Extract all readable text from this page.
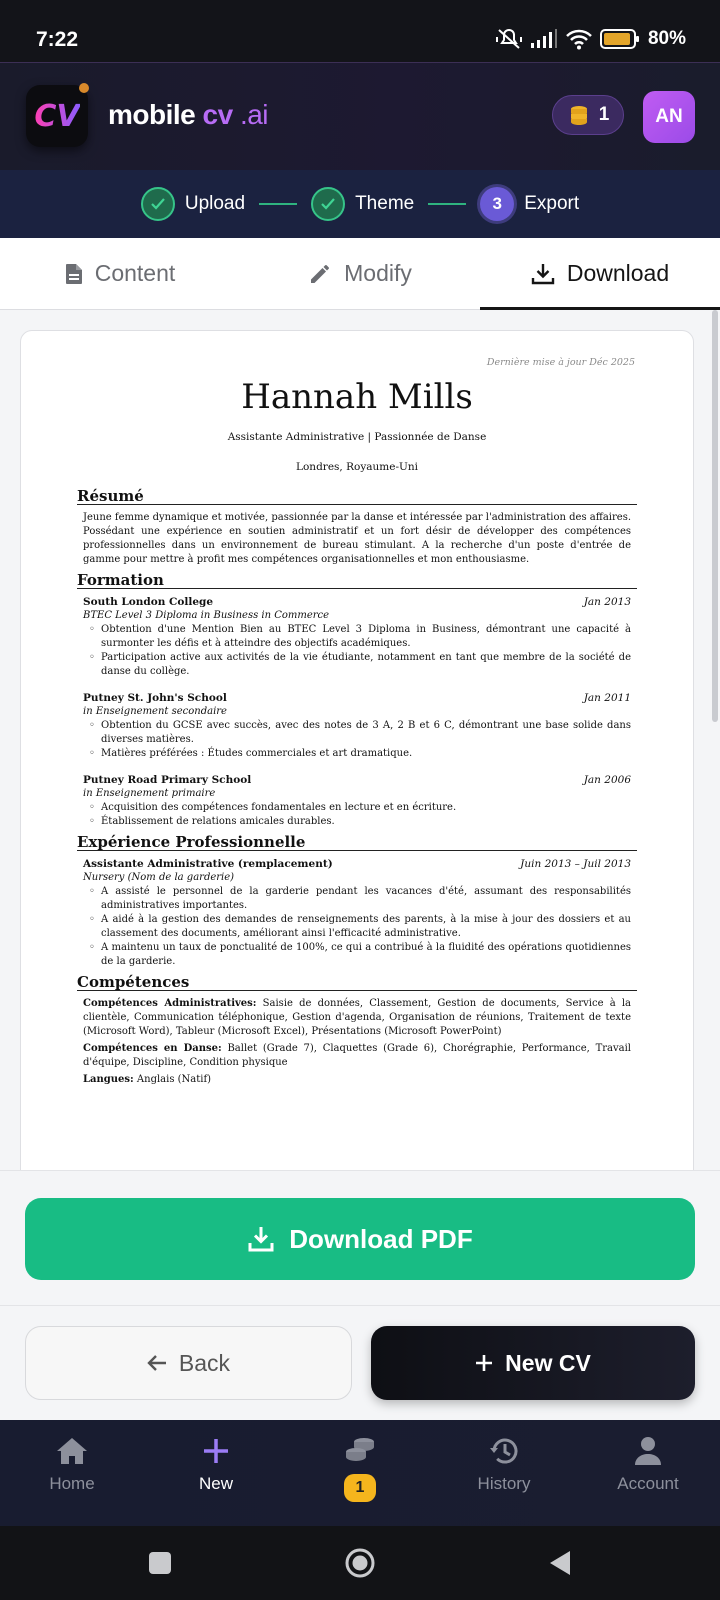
7:22	80%
CV mobile cv .ai	1	AN
Upload	Theme	3	Export
Content	Modify	Download
Dernière mise à jour Déc 2025
Hannah Mills
Assistante Administrative | Passionnée de Danse
Londres, Royaume-Uni
Résumé
Jeune femme dynamique et motivée, passionnée par la danse et intéressée par l'administration des affaires. Possédant une expérience en soutien administratif et un fort désir de développer des compétences professionnelles dans un environnement de bureau stimulant. A la recherche d'un poste d'entrée de gamme pour mettre à profit mes compétences organisationnelles et mon enthousiasme.
Formation
South London College	Jan 2013
BTEC Level 3 Diploma in Business in Commerce
◦ Obtention d'une Mention Bien au BTEC Level 3 Diploma in Business, démontrant une capacité à surmonter les défis et à atteindre des objectifs académiques.
◦ Participation active aux activités de la vie étudiante, notamment en tant que membre de la société de danse du collège.
Putney St. John's School	Jan 2011
in Enseignement secondaire
◦ Obtention du GCSE avec succès, avec des notes de 3 A, 2 B et 6 C, démontrant une base solide dans diverses matières.
◦ Matières préférées : Études commerciales et art dramatique.
Putney Road Primary School	Jan 2006
in Enseignement primaire
◦ Acquisition des compétences fondamentales en lecture et en écriture.
◦ Établissement de relations amicales durables.
Expérience Professionnelle
Assistante Administrative (remplacement)	Juin 2013 – Juil 2013
Nursery (Nom de la garderie)
◦ A assisté le personnel de la garderie pendant les vacances d'été, assumant des responsabilités administratives importantes.
◦ A aidé à la gestion des demandes de renseignements des parents, à la mise à jour des dossiers et au classement des documents, améliorant ainsi l'efficacité administrative.
◦ A maintenu un taux de ponctualité de 100%, ce qui a contribué à la fluidité des opérations quotidiennes de la garderie.
Compétences
Compétences Administratives: Saisie de données, Classement, Gestion de documents, Service à la clientèle, Communication téléphonique, Gestion d'agenda, Organisation de réunions, Traitement de texte (Microsoft Word), Tableur (Microsoft Excel), Présentations (Microsoft PowerPoint)
Compétences en Danse: Ballet (Grade 7), Claquettes (Grade 6), Chorégraphie, Performance, Travail d'équipe, Discipline, Condition physique
Langues: Anglais (Natif)
Download PDF
Back	New CV
Home	New	1	History	Account
